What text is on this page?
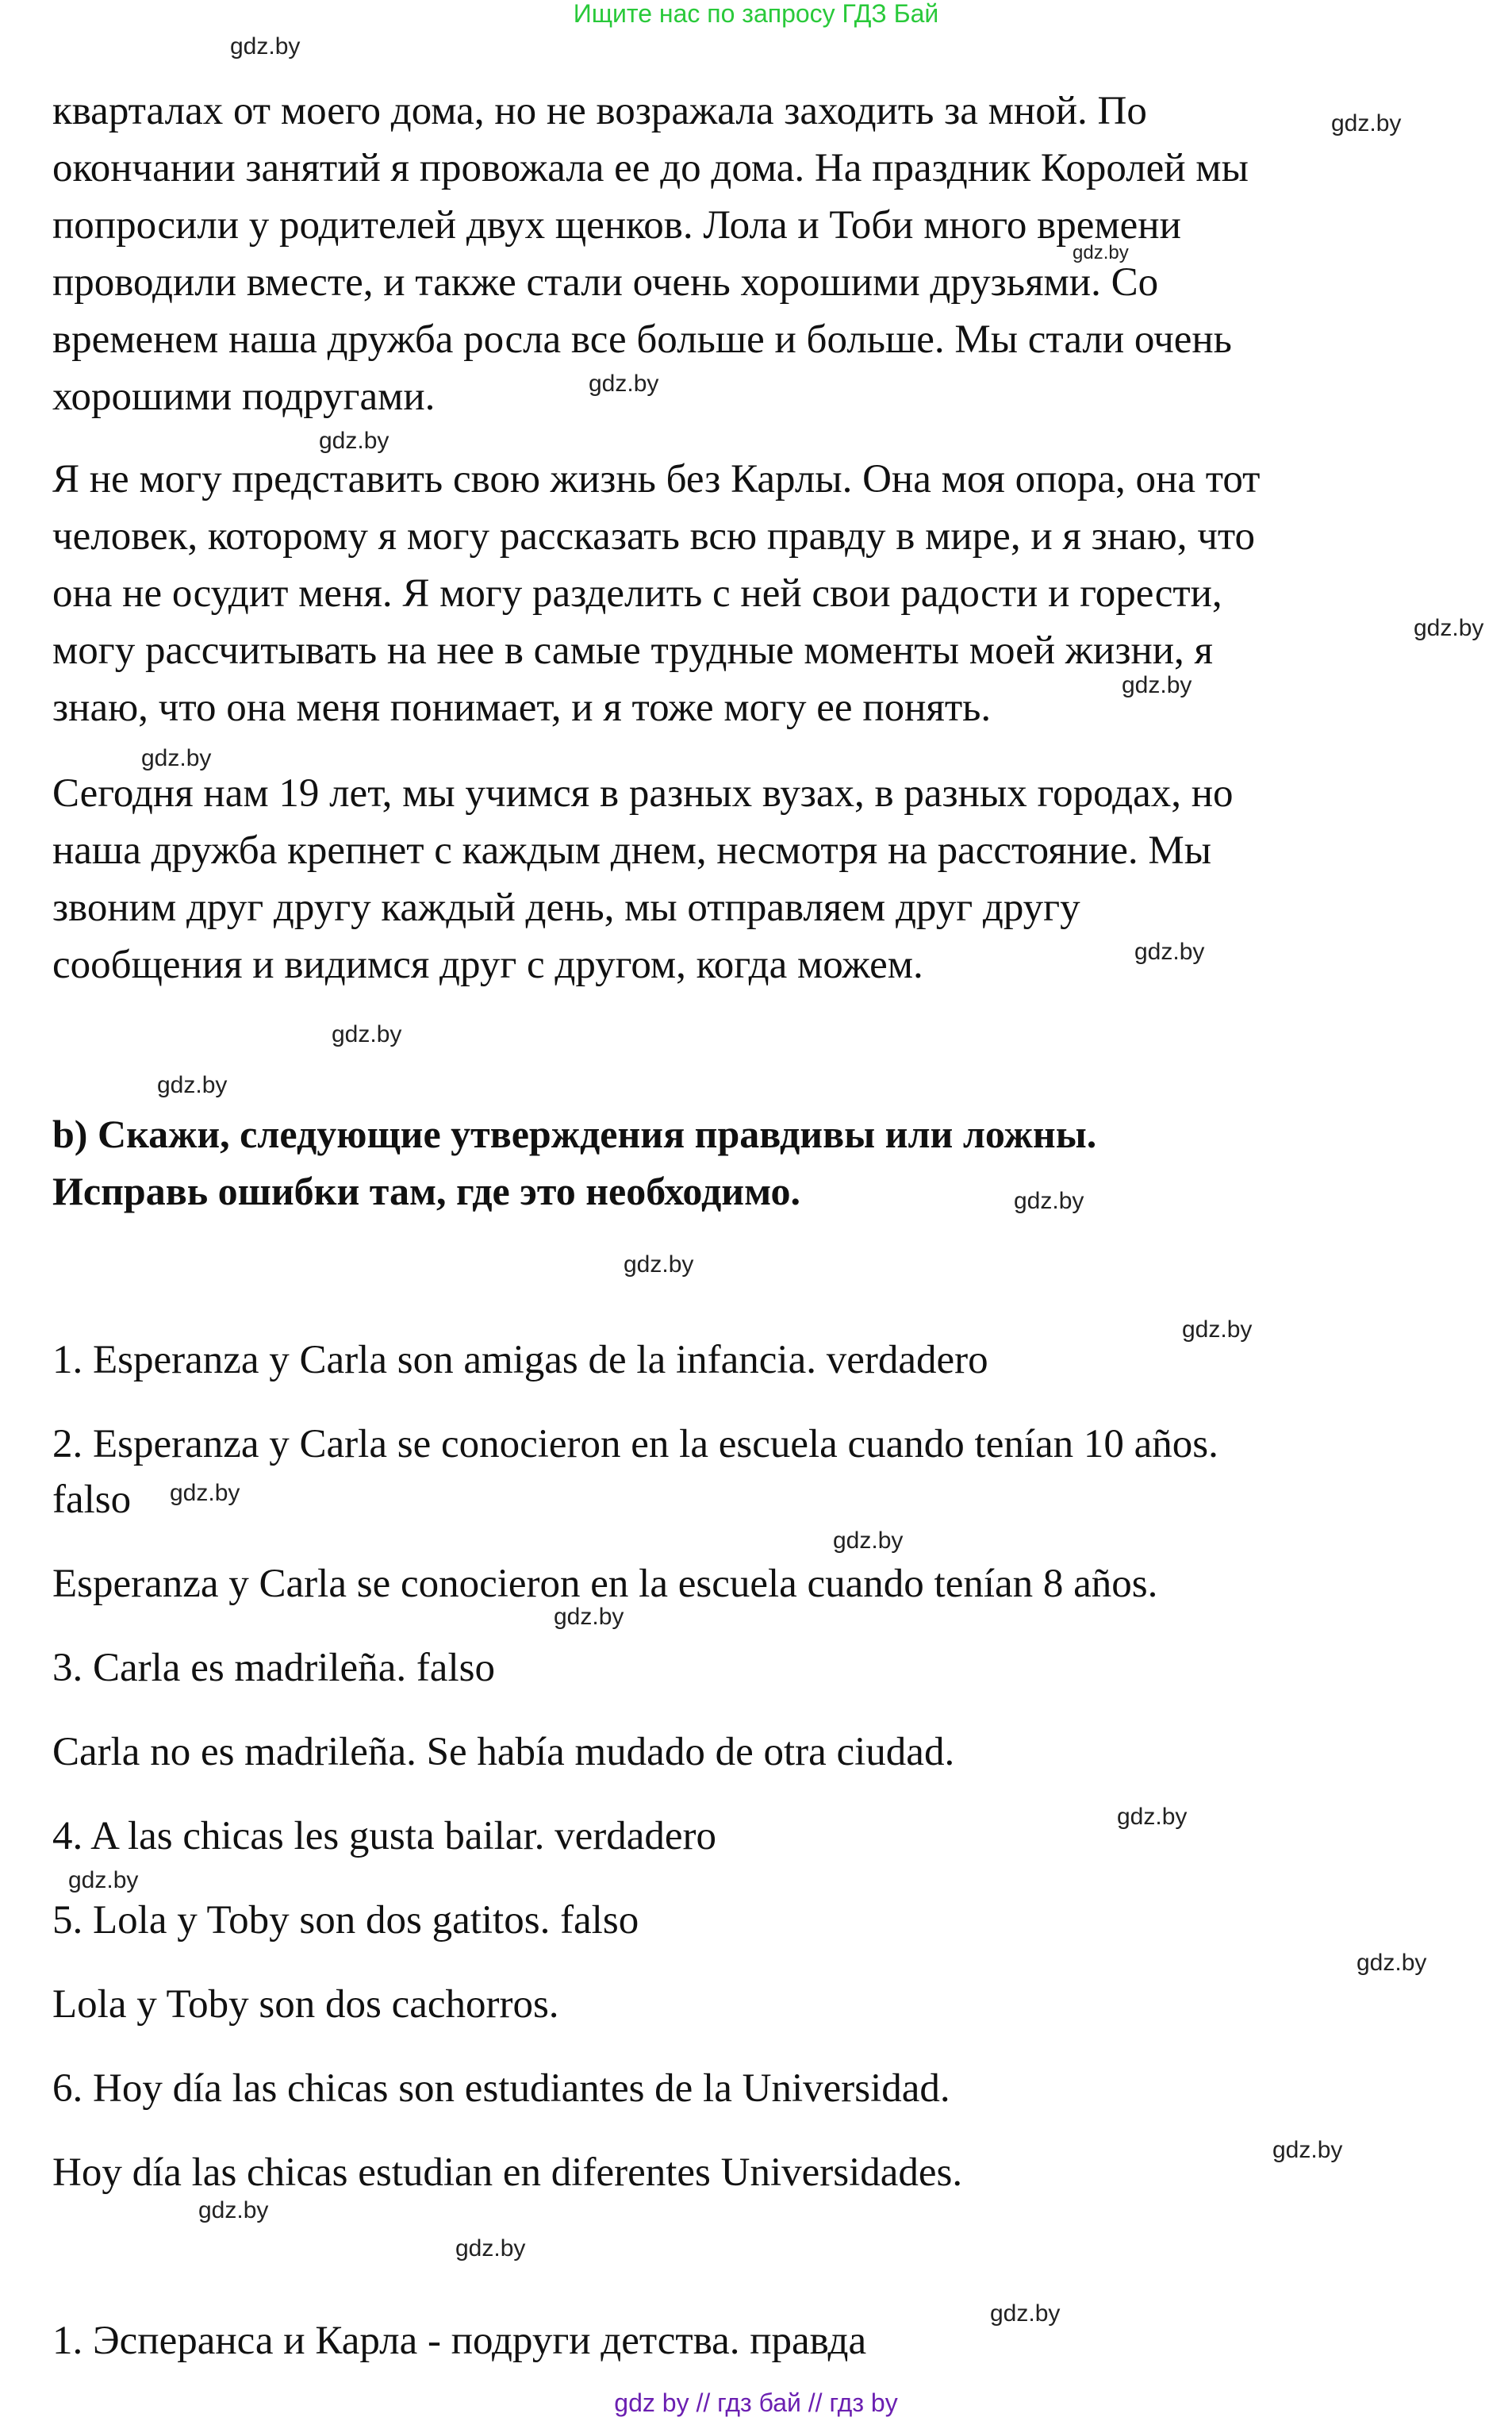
Ищите нас по запросу ГДЗ Бай
кварталах от моего дома, но не возражала заходить за мной. По
окончании занятий я провожала ее до дома. На праздник Королей мы
попросили у родителей двух щенков. Лола и Тоби много времени
проводили вместе, и также стали очень хорошими друзьями. Со
временем наша дружба росла все больше и больше. Мы стали очень
хорошими подругами.
Я не могу представить свою жизнь без Карлы. Она моя опора, она тот
человек, которому я могу рассказать всю правду в мире, и я знаю, что
она не осудит меня. Я могу разделить с ней свои радости и горести,
могу рассчитывать на нее в самые трудные моменты моей жизни, я
знаю, что она меня понимает, и я тоже могу ее понять.
Сегодня нам 19 лет, мы учимся в разных вузах, в разных городах, но
наша дружба крепнет с каждым днем, несмотря на расстояние. Мы
звоним друг другу каждый день, мы отправляем друг другу
сообщения и видимся друг с другом, когда можем.
b) Скажи, следующие утверждения правдивы или ложны.
Исправь ошибки там, где это необходимо.
1. Esperanza y Carla son amigas de la infancia. verdadero
2. Esperanza y Carla se conocieron en la escuela cuando tenían 10 años.
falso
Esperanza y Carla se conocieron en la escuela cuando tenían 8 años.
3. Carla es madrileña. falso
Carla no es madrileña. Se había mudado de otra ciudad.
4. A las chicas les gusta bailar. verdadero
5. Lola y Toby son dos gatitos. falso
Lola y Toby son dos cachorros.
6. Hoy día las chicas son estudiantes de la Universidad.
Hoy día las chicas estudian en diferentes Universidades.
1. Эсперанса и Карла - подруги детства. правда
gdz.by
gdz.by
gdz.by
gdz.by
gdz.by
gdz.by
gdz.by
gdz.by
gdz.by
gdz.by
gdz.by
gdz.by
gdz.by
gdz.by
gdz.by
gdz.by
gdz.by
gdz.by
gdz.by
gdz.by
gdz.by
gdz.by
gdz.by
gdz.by
gdz by // гдз бай // гдз by
